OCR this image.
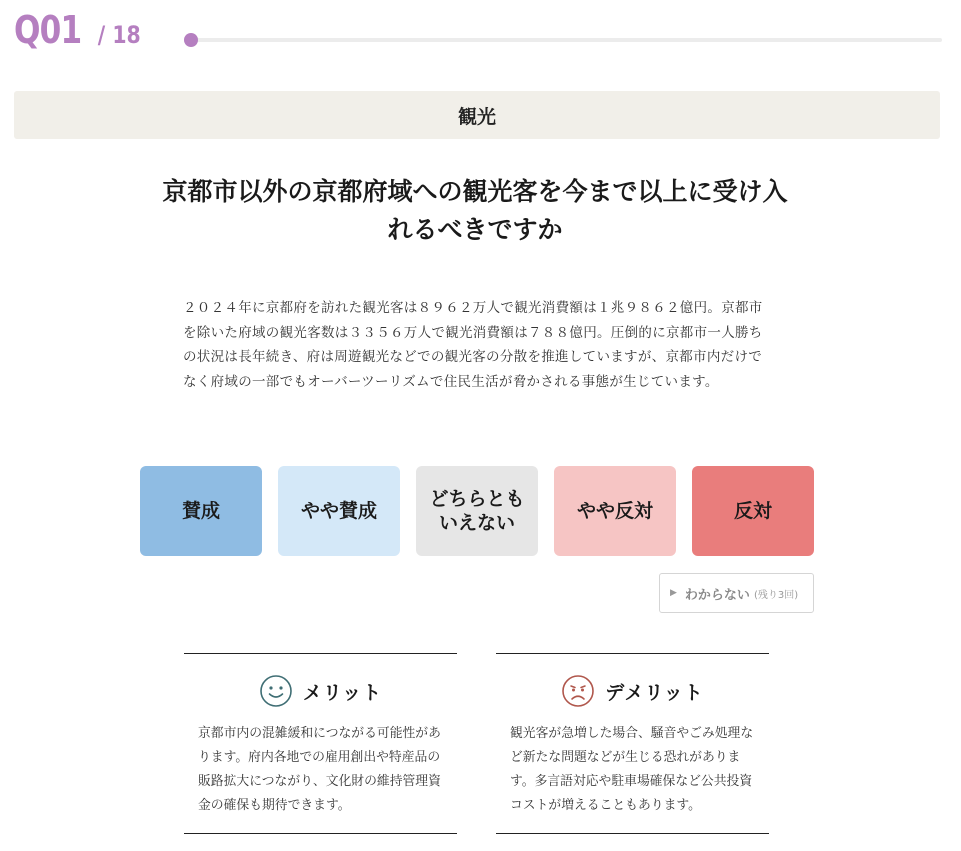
Q01 / 18
観光
京都市以外の京都府域への観光客を今まで以上に受け入
れるべきですか
２０２４年に京都府を訪れた観光客は８９６２万人で観光消費額は１兆９８６２億円。京都市を除いた府域の観光客数は３３５６万人で観光消費額は７８８億円。圧倒的に京都市一人勝ちの状況は長年続き、府は周遊観光などでの観光客の分散を推進していますが、京都市内だけでなく府域の一部でもオーバーツーリズムで住民生活が脅かされる事態が生じています。
賛成	やや賛成
どちらとも
いえない
やや反対	反対
▶ わからない (残り3回)
メリット
京都市内の混雑緩和につながる可能性があります。府内各地での雇用創出や特産品の販路拡大につながり、文化財の維持管理資金の確保も期待できます。
デメリット
観光客が急増した場合、騒音やごみ処理など新たな問題などが生じる恐れがあります。多言語対応や駐車場確保など公共投資コストが増えることもあります。
